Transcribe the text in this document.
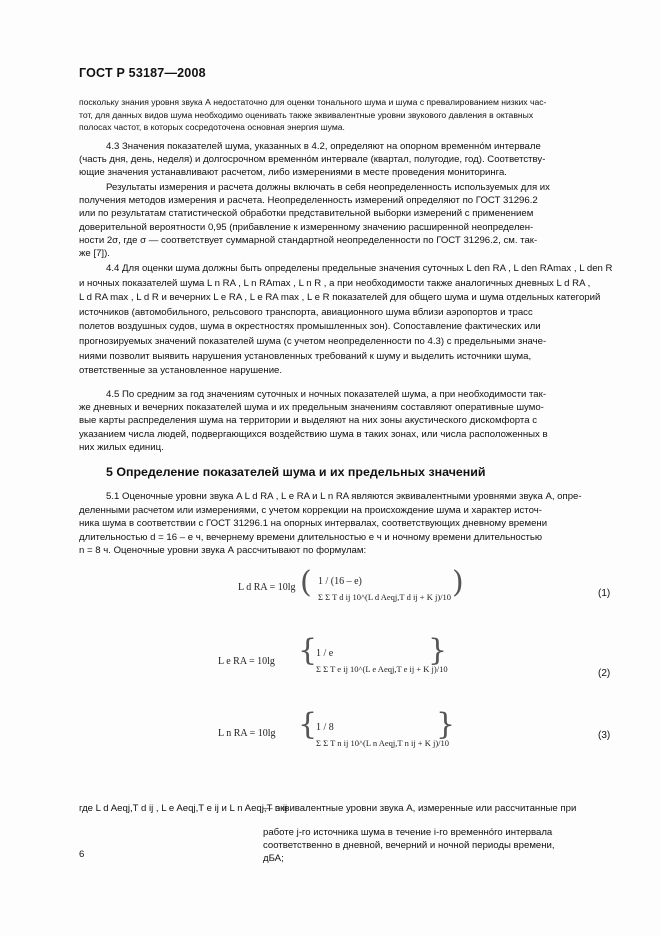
ГОСТ Р 53187—2008
поскольку знания уровня звука А недостаточно для оценки тонального шума и шума с превалированием низких час-
тот, для данных видов шума необходимо оценивать также эквивалентные уровни звукового давления в октавных
полосах частот, в которых сосредоточена основная энергия шума.
4.3 Значения показателей шума, указанных в 4.2, определяют на опорном временно́м интервале
(часть дня, день, неделя) и долгосрочном временно́м интервале (квартал, полугодие, год). Соответству-
ющие значения устанавливают расчетом, либо измерениями в месте проведения мониторинга.
Результаты измерения и расчета должны включать в себя неопределенность используемых для их
получения методов измерения и расчета. Неопределенность измерений определяют по ГОСТ 31296.2
или по результатам статистической обработки представительной выборки измерений с применением
доверительной вероятности 0,95 (прибавление к измеренному значению расширенной неопределен-
ности 2σ, где σ — соответствует суммарной стандартной неопределенности по ГОСТ 31296.2, см. так-
же [7]).
4.4 Для оценки шума должны быть определены предельные значения суточных L den RA , L den RAmax , L den R
и ночных показателей шума L n RA , L n RAmax , L n R , а при необходимости также аналогичных дневных L d RA ,
L d RA max , L d R и вечерних L e RA , L e RA max , L e R показателей для общего шума и шума отдельных категорий
источников (автомобильного, рельсового транспорта, авиационного шума вблизи аэропортов и трасс
полетов воздушных судов, шума в окрестностях промышленных зон). Сопоставление фактических или
прогнозируемых значений показателей шума (с учетом неопределенности по 4.3) с предельными значе-
ниями позволит выявить нарушения установленных требований к шуму и выделить источники шума,
ответственные за установленное нарушение.
4.5 По средним за год значениям суточных и ночных показателей шума, а при необходимости так-
же дневных и вечерних показателей шума и их предельным значениям составляют оперативные шумо-
вые карты распределения шума на территории и выделяют на них зоны акустического дискомфорта с
указанием числа людей, подвергающихся воздействию шума в таких зонах, или числа расположенных в
них жилых единиц.
5 Определение показателей шума и их предельных значений
5.1 Оценочные уровни звука A L d RA , L e RA и L n RA являются эквивалентными уровнями звука A, опре-
деленными расчетом или измерениями, с учетом коррекции на происхождение шума и характер источ-
ника шума в соответствии с ГОСТ 31296.1 на опорных интервалах, соответствующих дневному времени
длительностью d = 16 – e ч, вечернему времени длительностью e ч и ночному времени длительностью
n = 8 ч. Оценочные уровни звука А рассчитывают по формулам:
L d RA = 10lg ( 1 / (16 – e)
Σ Σ T d ij 10^(L d Aeqj,T d ij + K j)/10 )	(1)
L e RA = 10lg {
1 / e
Σ Σ T e ij 10^(L e Aeqj,T e ij + K j)/10
}
(2)
L n RA = 10lg {
1 / 8
Σ Σ T n ij 10^(L n Aeqj,T n ij + K j)/10
}	(3)
где L d Aeqj,T d ij , L e Aeqj,T e ij и L n Aeqj,T n ij
— эквивалентные уровни звука А, измеренные или рассчитанные при
работе j-го источника шума в течение i-го временно́го интервала
соответственно в дневной, вечерний и ночной периоды времени,
дБА;
6
